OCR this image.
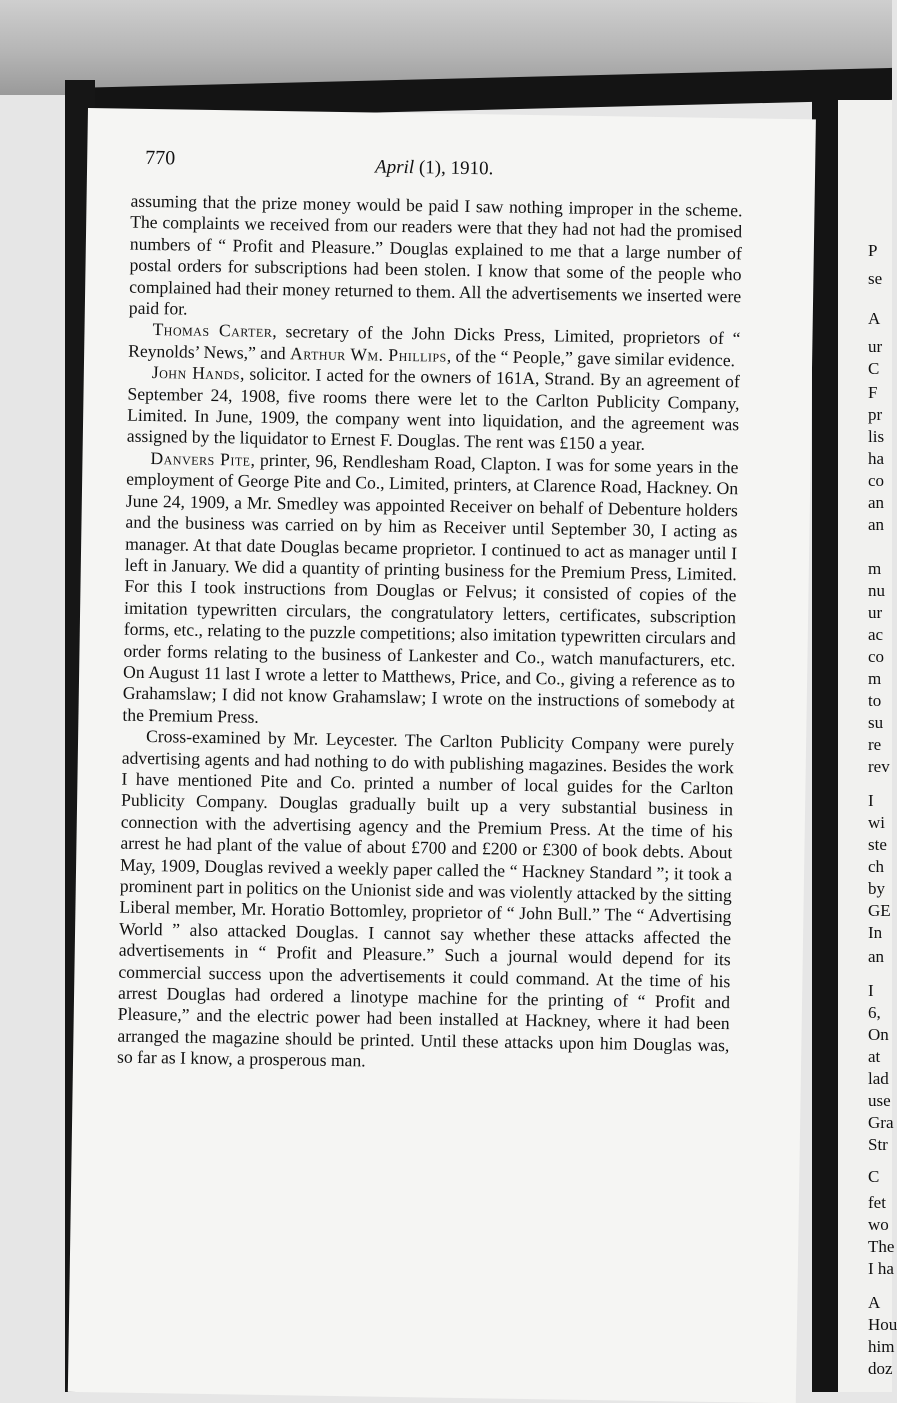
770	April (1), 1910.

assuming that the prize money would be paid I saw nothing improper in the scheme. The complaints we received from our readers were that they had not had the promised numbers of “ Profit and Pleasure.” Douglas explained to me that a large number of postal orders for subscriptions had been stolen. I know that some of the people who complained had their money returned to them. All the advertisements we inserted were paid for.

Thomas Carter, secretary of the John Dicks Press, Limited, proprietors of “ Reynolds’ News,” and Arthur Wm. Phillips, of the “ People,” gave similar evidence.

John Hands, solicitor. I acted for the owners of 161A, Strand. By an agreement of September 24, 1908, five rooms there were let to the Carlton Publicity Company, Limited. In June, 1909, the company went into liquidation, and the agreement was assigned by the liquidator to Ernest F. Douglas. The rent was £150 a year.

Danvers Pite, printer, 96, Rendlesham Road, Clapton. I was for some years in the employment of George Pite and Co., Limited, printers, at Clarence Road, Hackney. On June 24, 1909, a Mr. Smedley was appointed Receiver on behalf of Debenture holders and the business was carried on by him as Receiver until September 30, I acting as manager. At that date Douglas became proprietor. I continued to act as manager until I left in January. We did a quantity of printing business for the Premium Press, Limited. For this I took instructions from Douglas or Felvus; it consisted of copies of the imitation typewritten circulars, the congratulatory letters, certificates, subscription forms, etc., relating to the puzzle competitions; also imitation typewritten circulars and order forms relating to the business of Lankester and Co., watch manufacturers, etc. On August 11 last I wrote a letter to Matthews, Price, and Co., giving a reference as to Grahamslaw; I did not know Grahamslaw; I wrote on the instructions of somebody at the Premium Press.

Cross-examined by Mr. Leycester. The Carlton Publicity Company were purely advertising agents and had nothing to do with publishing magazines. Besides the work I have mentioned Pite and Co. printed a number of local guides for the Carlton Publicity Company. Douglas gradually built up a very substantial business in connection with the advertising agency and the Premium Press. At the time of his arrest he had plant of the value of about £700 and £200 or £300 of book debts. About May, 1909, Douglas revived a weekly paper called the “ Hackney Standard ”; it took a prominent part in politics on the Unionist side and was violently attacked by the sitting Liberal member, Mr. Horatio Bottomley, proprietor of “ John Bull.” The “ Advertising World ” also attacked Douglas. I cannot say whether these attacks affected the advertisements in “ Profit and Pleasure.” Such a journal would depend for its commercial success upon the advertisements it could command. At the time of his arrest Douglas had ordered a linotype machine for the printing of “ Profit and Pleasure,” and the electric power had been installed at Hackney, where it had been arranged the magazine should be printed. Until these attacks upon him Douglas was, so far as I know, a prosperous man.

P
se
A
ur
C
F
pr
lis
ha
co
an
an
m
nu
ur
ac
co
m
to
su
re
rev
I
wi
ste
ch
by
GE
In
an
I
6,
On
at
lad
use
Gra
Str
C
fet
wo
The
I ha
A
Hou
him
doz
